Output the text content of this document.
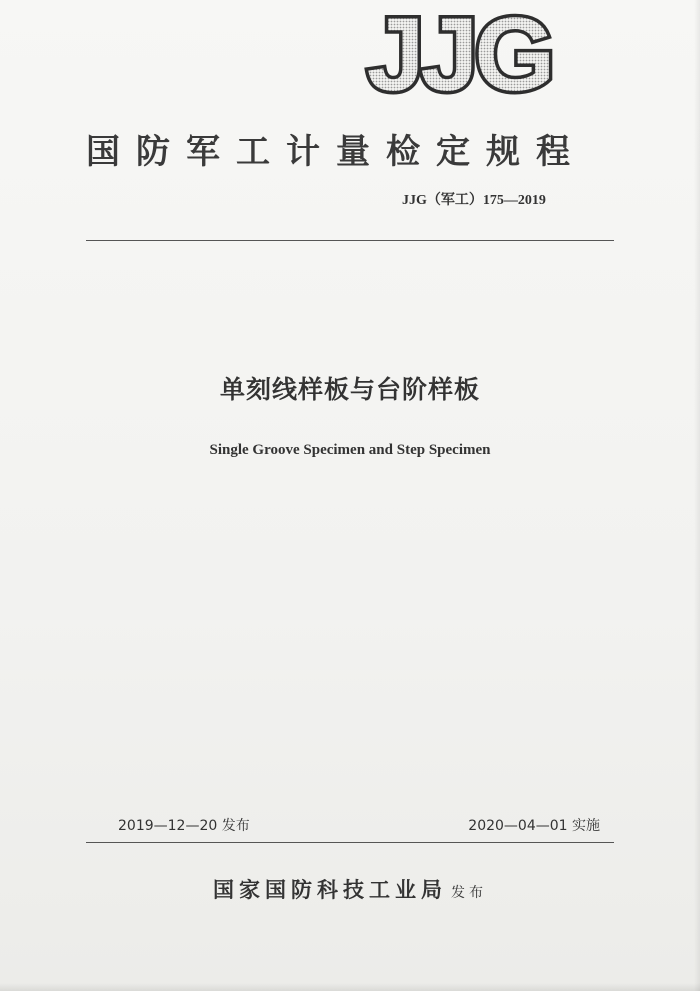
JJG
国防军工计量检定规程
JJG（军工）175—2019
单刻线样板与台阶样板
Single Groove Specimen and Step Specimen
2019—12—20 发布	2020—04—01 实施
国家国防科技工业局 发布
